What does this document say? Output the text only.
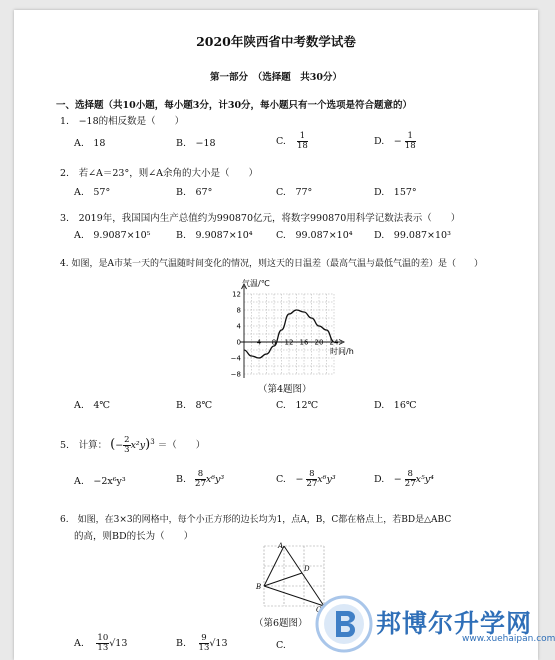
2020年陕西省中考数学试卷
第一部分　（选择题　共30分）
一、选择题（共10小题，每小题3分，计30分，每小题只有一个选项是符合题意的）
1.　−18的相反数是（　　）
A.　18	B.　−18	C. $\frac{1}{18}$	D.　− $\frac{1}{18}$
2.　若∠A＝23°，则∠A余角的大小是（　　）
A.　57°	B.　67°	C.　77°	D.　157°
3.　2019年，我国国内生产总值约为990870亿元，将数字990870用科学记数法表示（　　）
A.　9.9087×10⁵	B.　9.9087×10⁴ C.　99.087×10⁴ D.　99.087×10³
4. 如图，是A市某一天的气温随时间变化的情况，则这天的日温差（最高气温与最低气温的差）是（　　）
12
8
4
0
−4
−8
4 8 12 16 20 24
气温/℃
时间/h
（第4题图）
A.　4℃	B.　8℃	C.　12℃	D.　16℃
5.　计算： (− $\frac{2}{3} x^2y)^3$ ＝（　　）
A.　−2x⁶y³	B. $\frac{8}{27} x^6y^3$	C.　− $\frac{8}{27} x^6y^3$	D.　− $\frac{8}{27} x^5y^4$
6.　如图，在3×3的网格中，每个小正方形的边长均为1，点A，B，C都在格点上，若BD是△ABC
的高，则BD的长为（　　）
A
B
C
D
（第6题图）
A.　 $\frac{10}{13} √13$	B.　 $\frac{9}{13} √13$	C.
邦博尔升学网
www.xuehaipan.com
